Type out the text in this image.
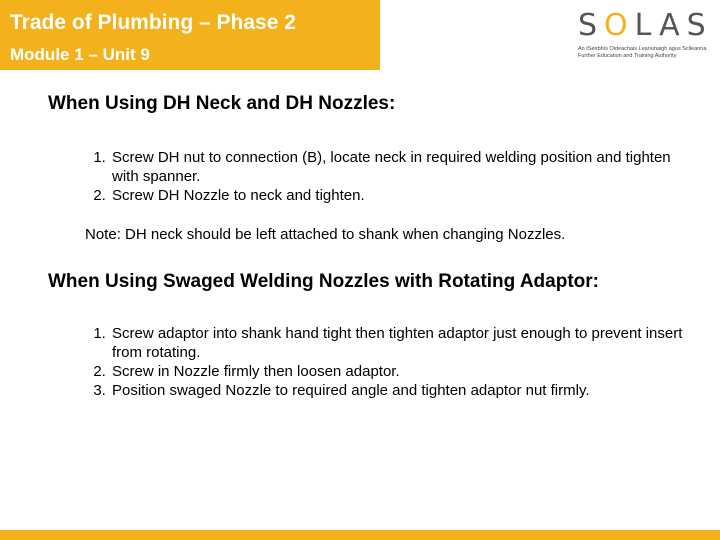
Trade of Plumbing – Phase 2
Module 1 – Unit 9
SOLAS
An tSeirbhís Oideachais Leanunaigh agus Scileanna
Further Education and Training Authority
When Using DH Neck and DH Nozzles:
1. Screw DH nut to connection (B), locate neck in required welding position and tighten with spanner.
2. Screw DH Nozzle to neck and tighten.

Note: DH neck should be left attached to shank when changing Nozzles.

When Using Swaged Welding Nozzles with Rotating Adaptor:
1. Screw adaptor into shank hand tight then tighten adaptor just enough to prevent insert from rotating.
2. Screw in Nozzle firmly then loosen adaptor.
3. Position swaged Nozzle to required angle and tighten adaptor nut firmly.
